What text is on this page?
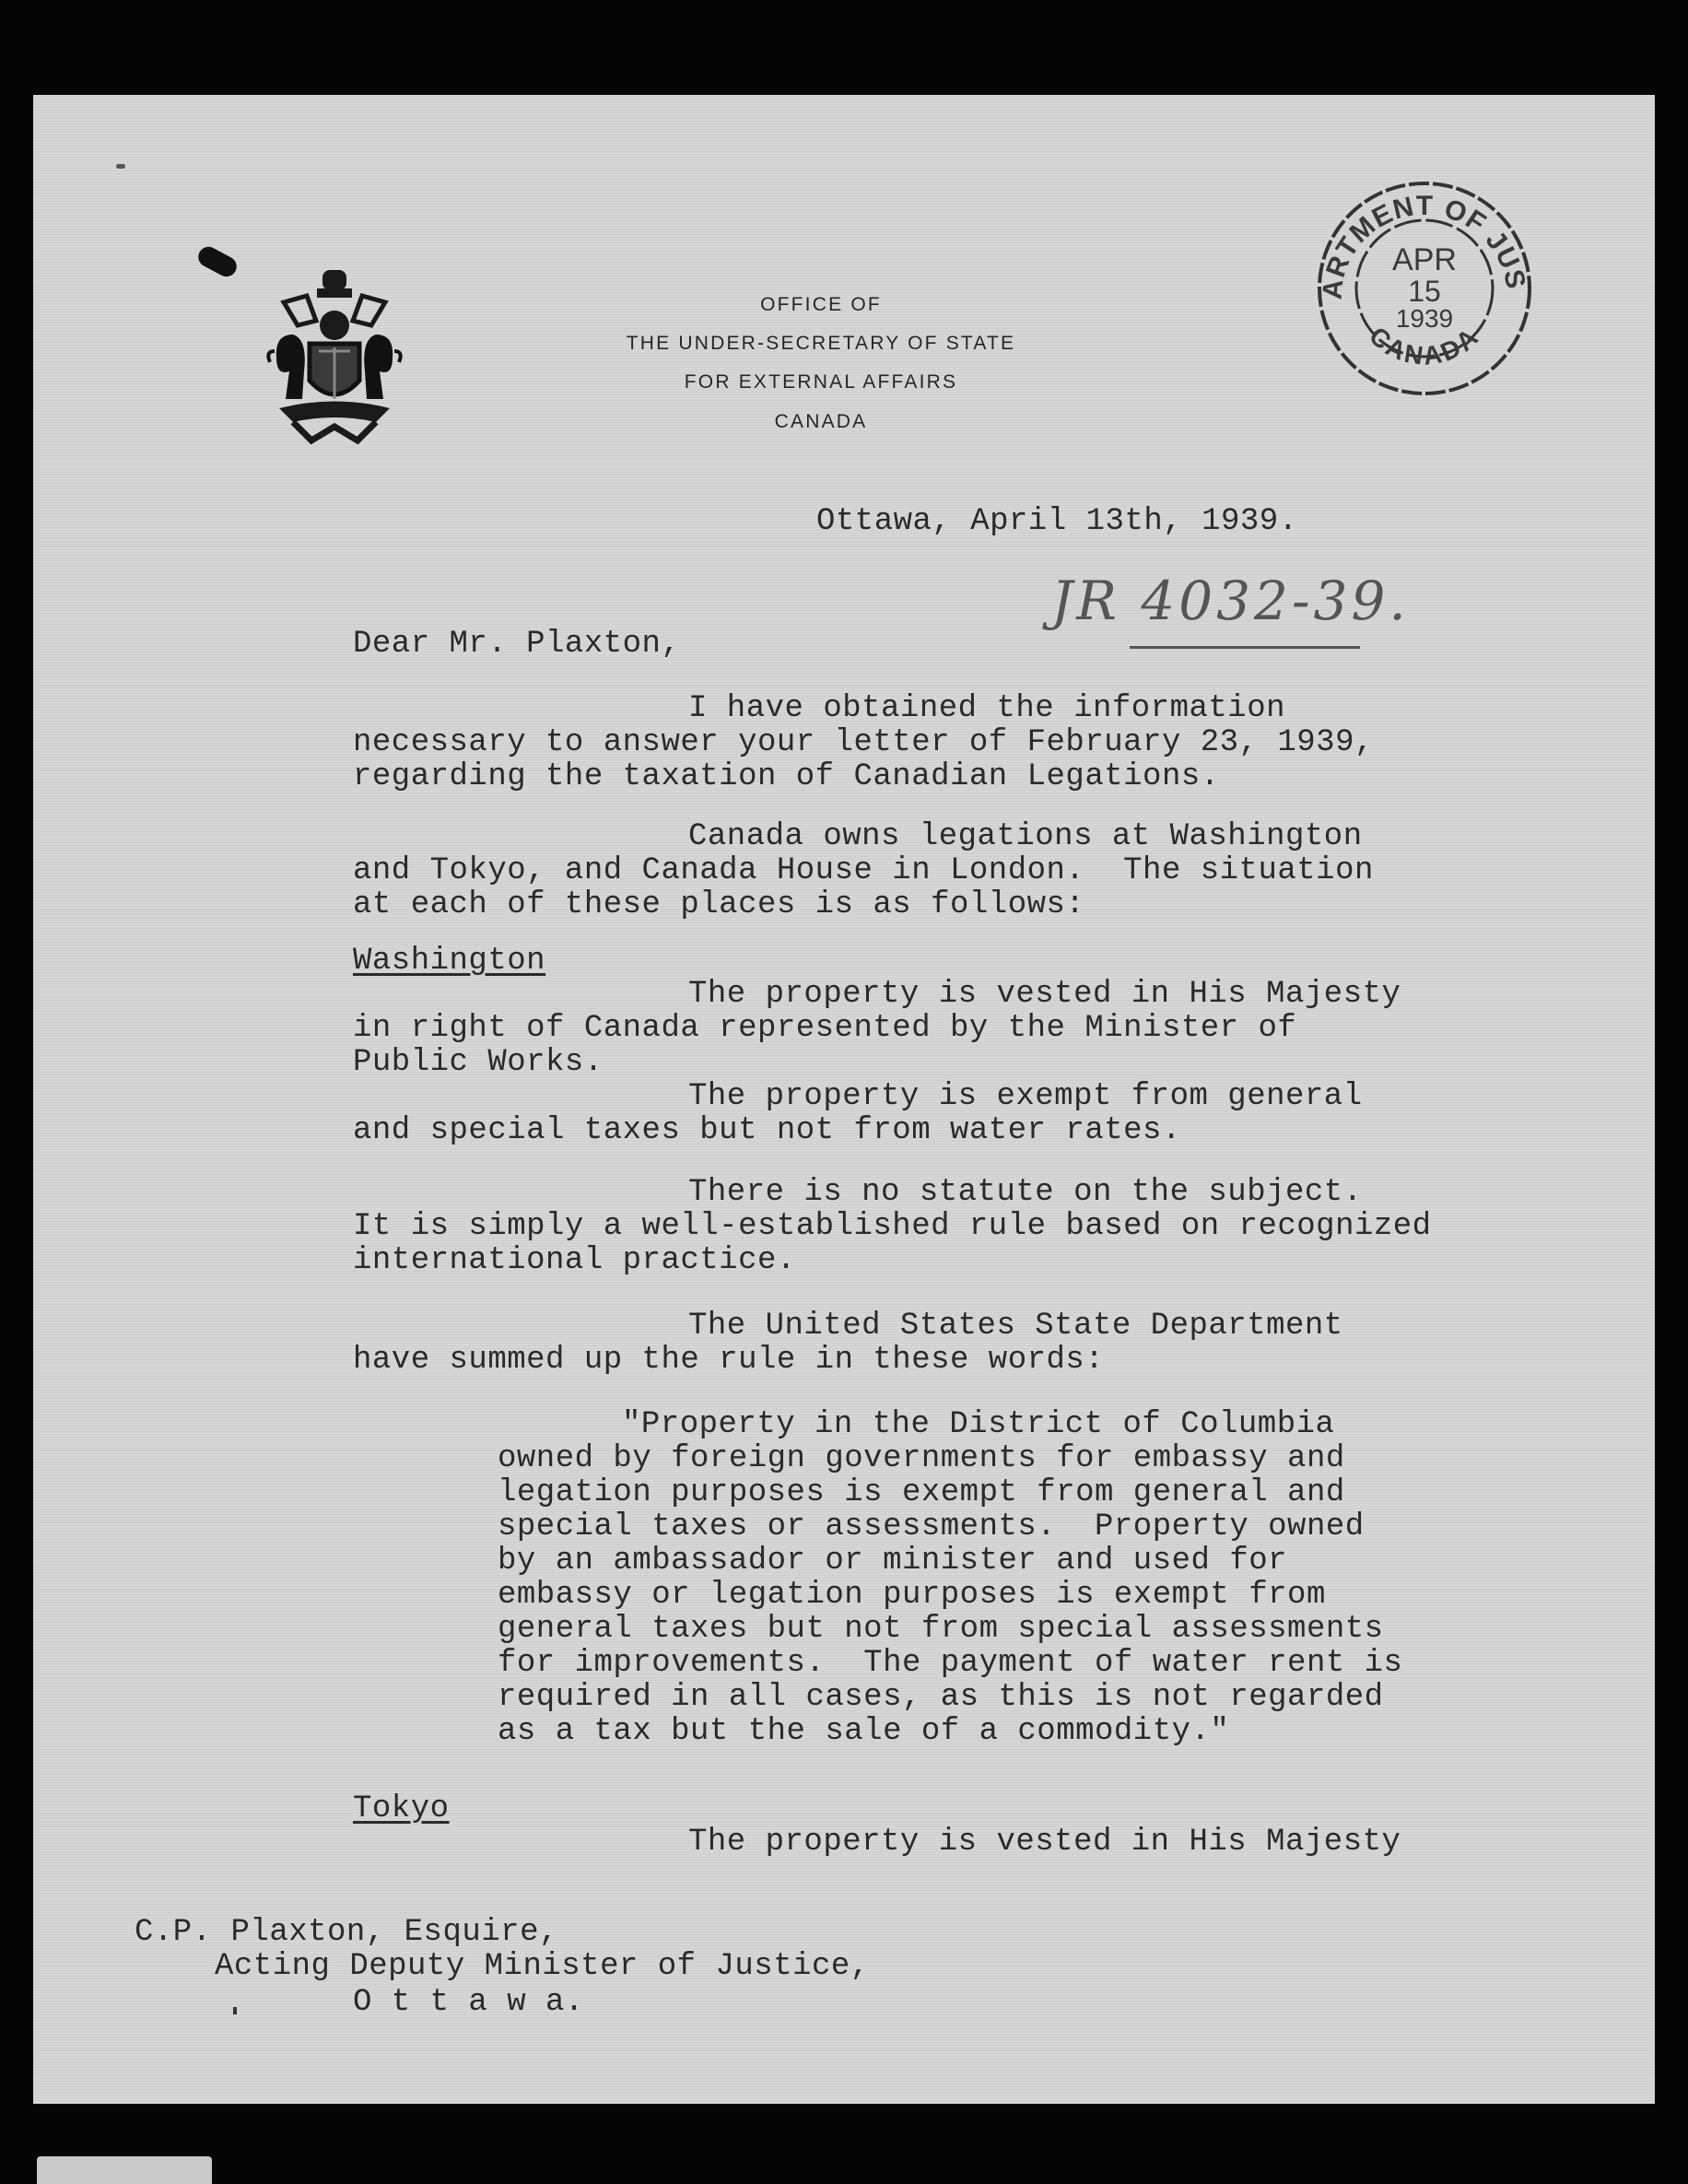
OFFICE OF
THE UNDER-SECRETARY OF STATE
FOR EXTERNAL AFFAIRS
CANADA
ARTMENT OF JUS
CANADA
APR
15
1939
Ottawa, April 13th, 1939.
JR 4032-39.
Dear Mr. Plaxton,
I have obtained the information
necessary to answer your letter of February 23, 1939,
regarding the taxation of Canadian Legations.
Canada owns legations at Washington
and Tokyo, and Canada House in London.  The situation
at each of these places is as follows:
Washington
The property is vested in His Majesty
in right of Canada represented by the Minister of
Public Works.
The property is exempt from general
and special taxes but not from water rates.
There is no statute on the subject.
It is simply a well-established rule based on recognized
international practice.
The United States State Department
have summed up the rule in these words:
"Property in the District of Columbia
owned by foreign governments for embassy and
legation purposes is exempt from general and
special taxes or assessments.  Property owned
by an ambassador or minister and used for
embassy or legation purposes is exempt from
general taxes but not from special assessments
for improvements.  The payment of water rent is
required in all cases, as this is not regarded
as a tax but the sale of a commodity."
Tokyo
The property is vested in His Majesty
C.P. Plaxton, Esquire,
Acting Deputy Minister of Justice,
O t t a w a.
